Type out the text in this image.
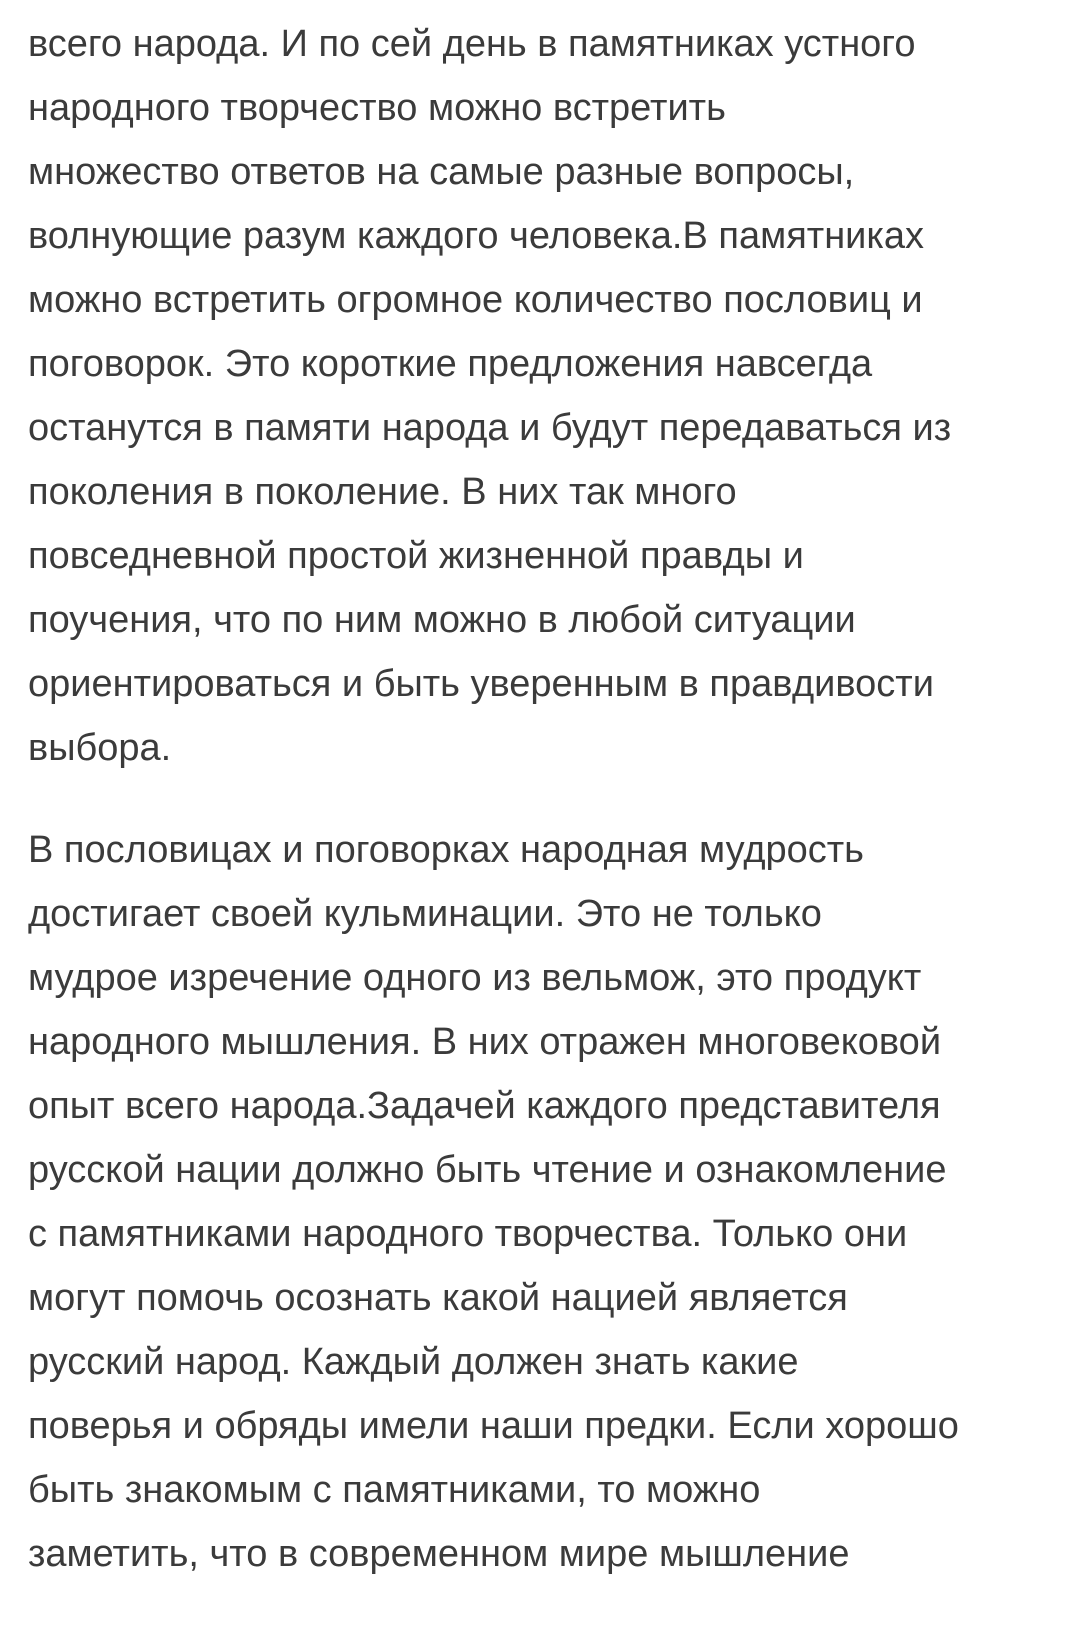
всего народа. И по сей день в памятниках устного
народного творчество можно встретить
множество ответов на самые разные вопросы,
волнующие разум каждого человека.В памятниках
можно встретить огромное количество пословиц и
поговорок. Это короткие предложения навсегда
останутся в памяти народа и будут передаваться из
поколения в поколение. В них так много
повседневной простой жизненной правды и
поучения, что по ним можно в любой ситуации
ориентироваться и быть уверенным в правдивости
выбора.
В пословицах и поговорках народная мудрость
достигает своей кульминации. Это не только
мудрое изречение одного из вельмож, это продукт
народного мышления. В них отражен многовековой
опыт всего народа.Задачей каждого представителя
русской нации должно быть чтение и ознакомление
с памятниками народного творчества. Только они
могут помочь осознать какой нацией является
русский народ. Каждый должен знать какие
поверья и обряды имели наши предки. Если хорошо
быть знакомым с памятниками, то можно
заметить, что в современном мире мышление
